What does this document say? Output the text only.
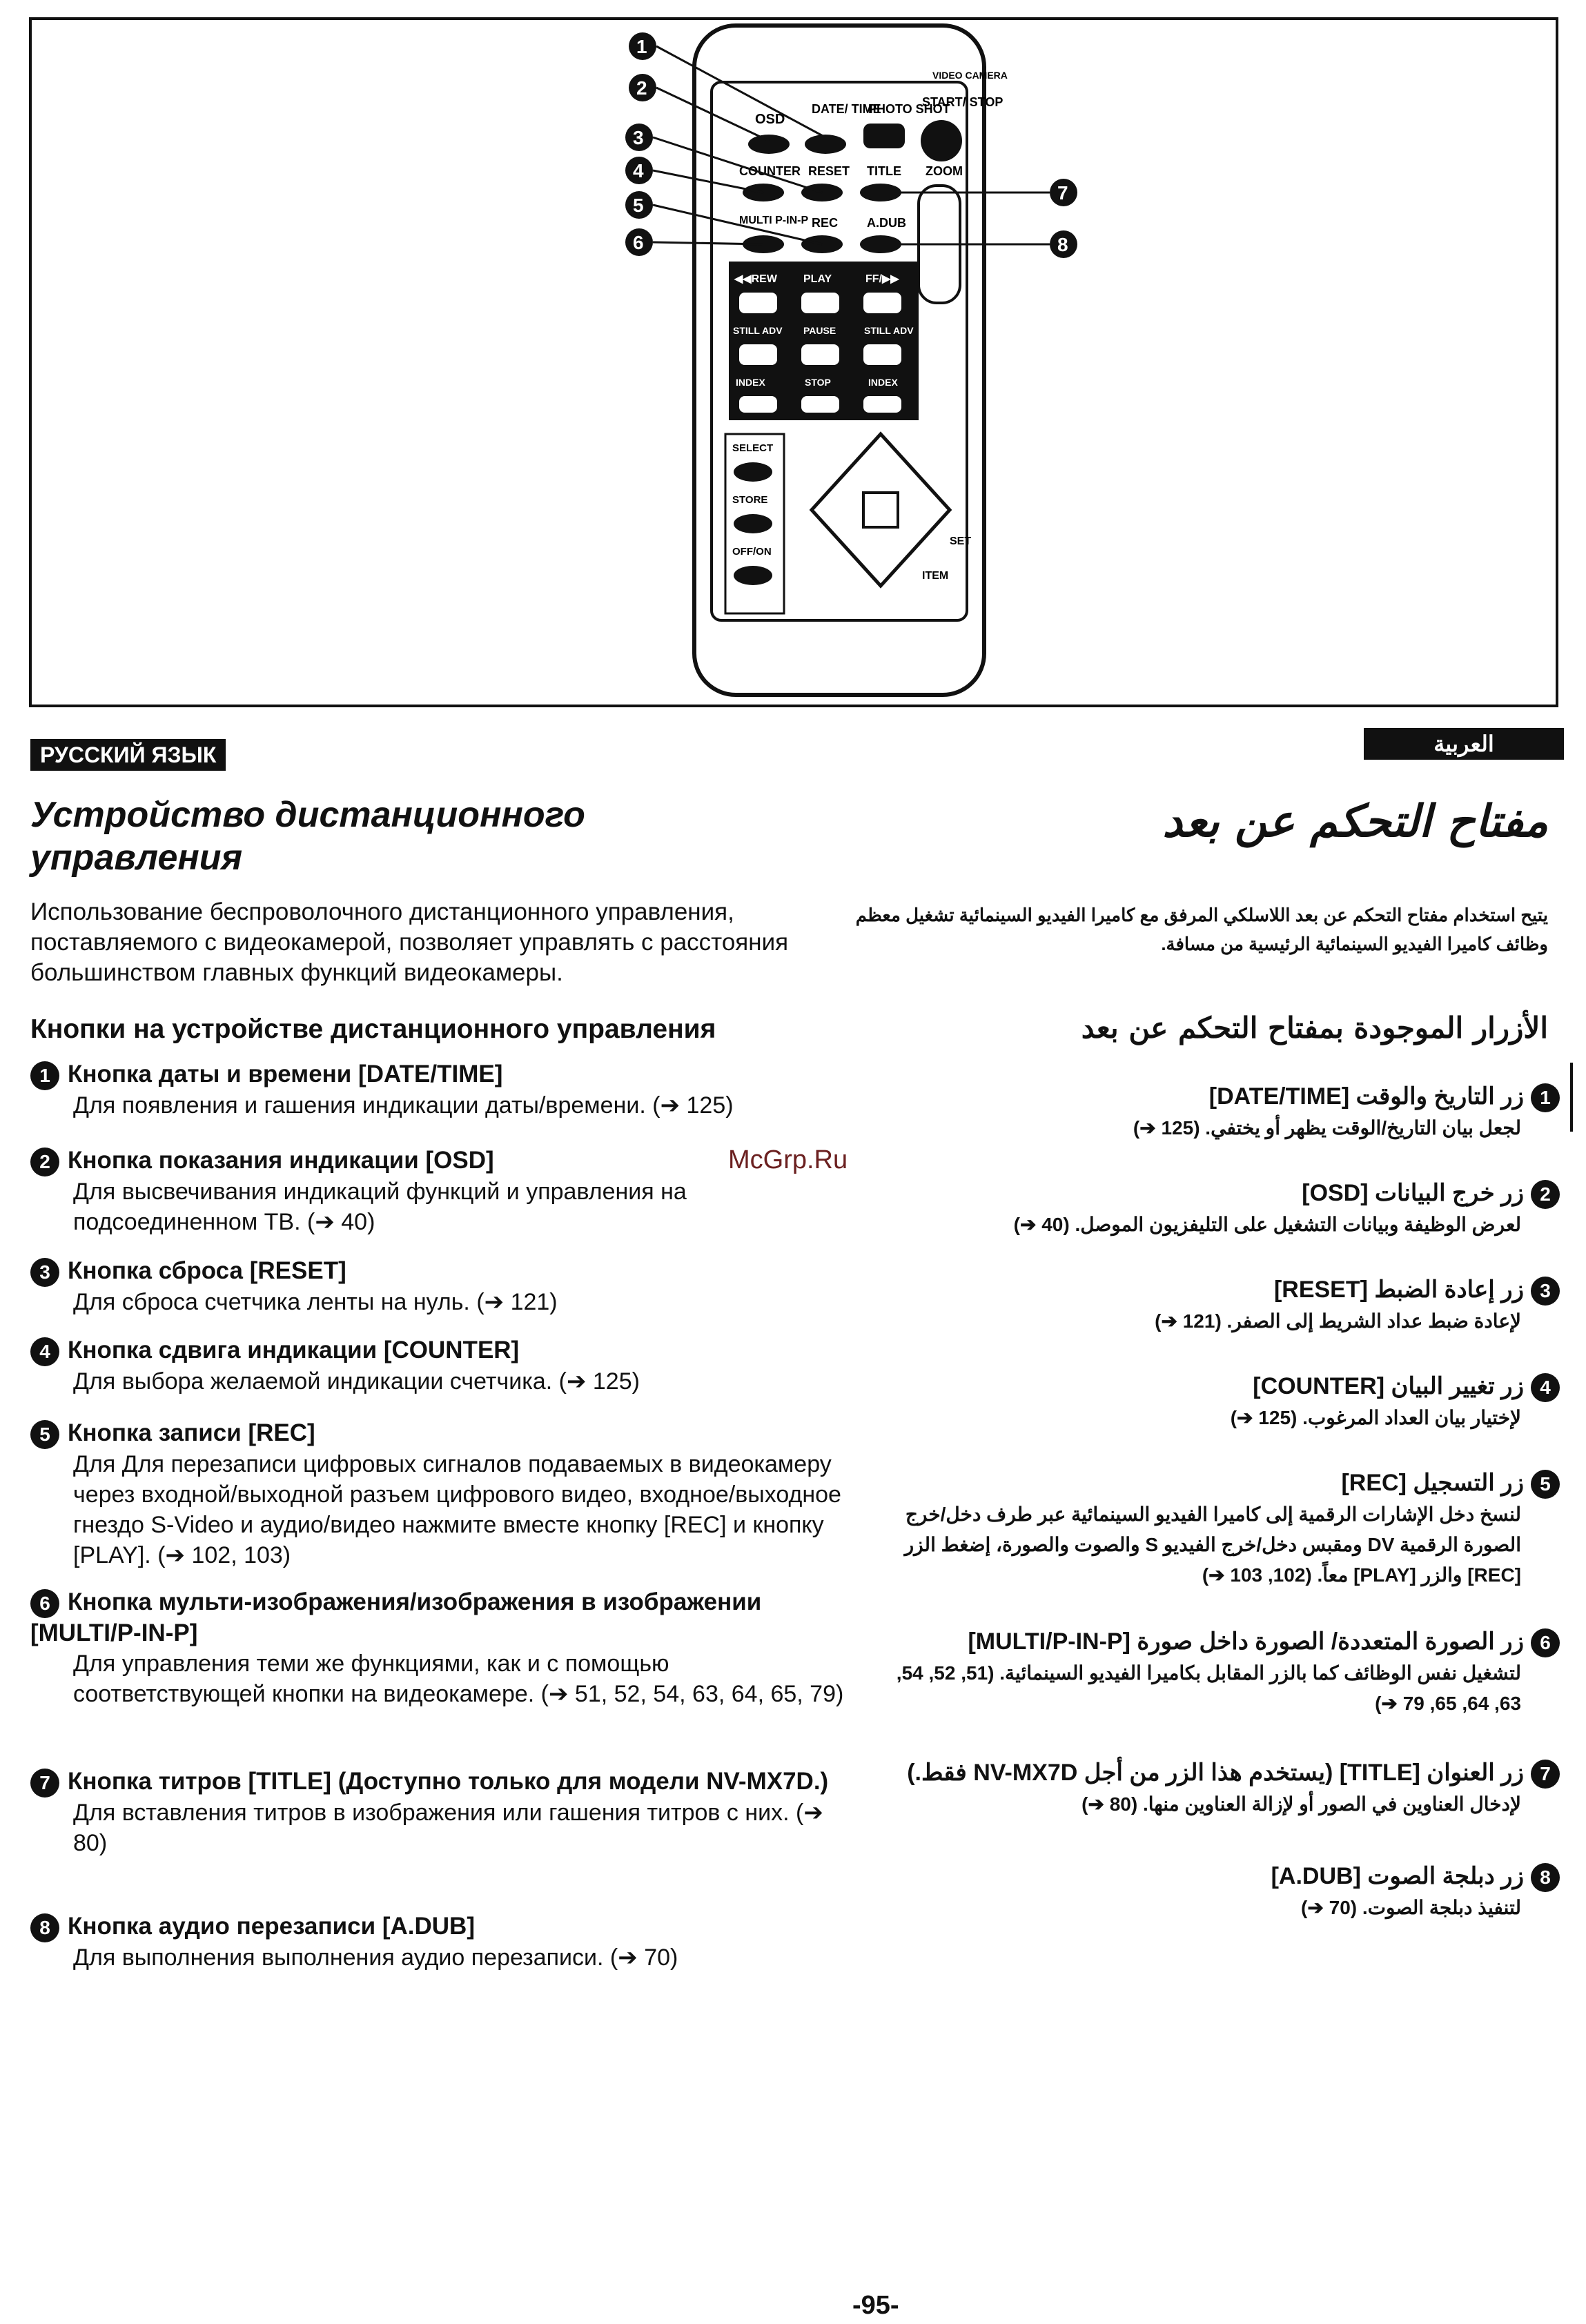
VIDEO CAMERA
OSD
DATE/ TIME
PHOTO SHOT
START/ STOP
COUNTER RESET TITLE ZOOM
MULTI P-IN-P REC A.DUB
◀◀REW PLAY	FF/▶▶
STILL ADV PAUSE	STILL ADV
INDEX	STOP	INDEX
SELECT
STORE
OFF/ON
ITEM
SET
1
2
3
4
5
6
7
8
РУССКИЙ ЯЗЫК	العربية
Устройство дистанционного управления
مفتاح التحكم عن بعد
Использование беспроволочного дистанционного управления, поставляемого с видеокамерой, позволяет управлять с расстояния большинством главных функций видеокамеры.
يتيح استخدام مفتاح التحكم عن بعد اللاسلكي المرفق مع كاميرا الفيديو السينمائية تشغيل معظم وظائف كاميرا الفيديو السينمائية الرئيسية من مسافة.
Кнопки на устройстве дистанционного управления	الأزرار الموجودة بمفتاح التحكم عن بعد
1 Кнопка даты и времени [DATE/TIME]
Для появления и гашения индикации даты/времени. (➔ 125)
2 Кнопка показания индикации [OSD]
Для высвечивания индикаций функций и управления на подсоединенном ТВ. (➔ 40)
3 Кнопка сброса [RESET]
Для сброса счетчика ленты на нуль. (➔ 121)
4 Кнопка сдвига индикации [COUNTER]
Для выбора желаемой индикации счетчика. (➔ 125)
5 Кнопка записи [REC]
Для Для перезаписи цифровых сигналов подаваемых в видеокамеру через входной/выходной разъем цифрового видео, входное/выходное гнездо S-Video и аудио/видео нажмите вместе кнопку [REC] и кнопку [PLAY]. (➔ 102, 103)
6 Кнопка мульти-изображения/изображения в изображении [MULTI/P-IN-P]
Для управления теми же функциями, как и с помощью соответствующей кнопки на видеокамере. (➔ 51, 52, 54, 63, 64, 65, 79)
7 Кнопка титров [TITLE] (Доступно только для модели NV-MX7D.)
Для вставления титров в изображения или гашения титров с них. (➔ 80)
8 Кнопка аудио перезаписи [A.DUB]
Для выполнения выполнения аудио перезаписи. (➔ 70)
1زر التاريخ والوقت [DATE/TIME]
لجعل بيان التاريخ/الوقت يظهر أو يختفي. (125 ➔)
2زر خرج البيانات [OSD]
لعرض الوظيفة وبيانات التشغيل على التليفزيون الموصل. (40 ➔)
3زر إعادة الضبط [RESET]
لإعادة ضبط عداد الشريط إلى الصفر. (121 ➔)
4زر تغيير البيان [COUNTER]
لإختيار بيان العداد المرغوب. (125 ➔)
5زر التسجيل [REC]
لنسخ دخل الإشارات الرقمية إلى كاميرا الفيديو السينمائية عبر طرف دخل/خرج الصورة الرقمية DV ومقبس دخل/خرج الفيديو S والصوت والصورة، إضغط الزر [REC] والزر [PLAY] معاً. (102, 103 ➔)
6زر الصورة المتعددة/ الصورة داخل صورة [MULTI/P-IN-P]
لتشغيل نفس الوظائف كما بالزر المقابل بكاميرا الفيديو السينمائية. (51, 52, 54, 63, 64, 65, 79 ➔)
7زر العنوان [TITLE] (يستخدم هذا الزر من أجل NV-MX7D فقط.)
لإدخال العناوين في الصور أو لإزالة العناوين منها. (80 ➔)
8زر دبلجة الصوت [A.DUB]
لتنفيذ دبلجة الصوت. (70 ➔)
McGrp.Ru
-95-
